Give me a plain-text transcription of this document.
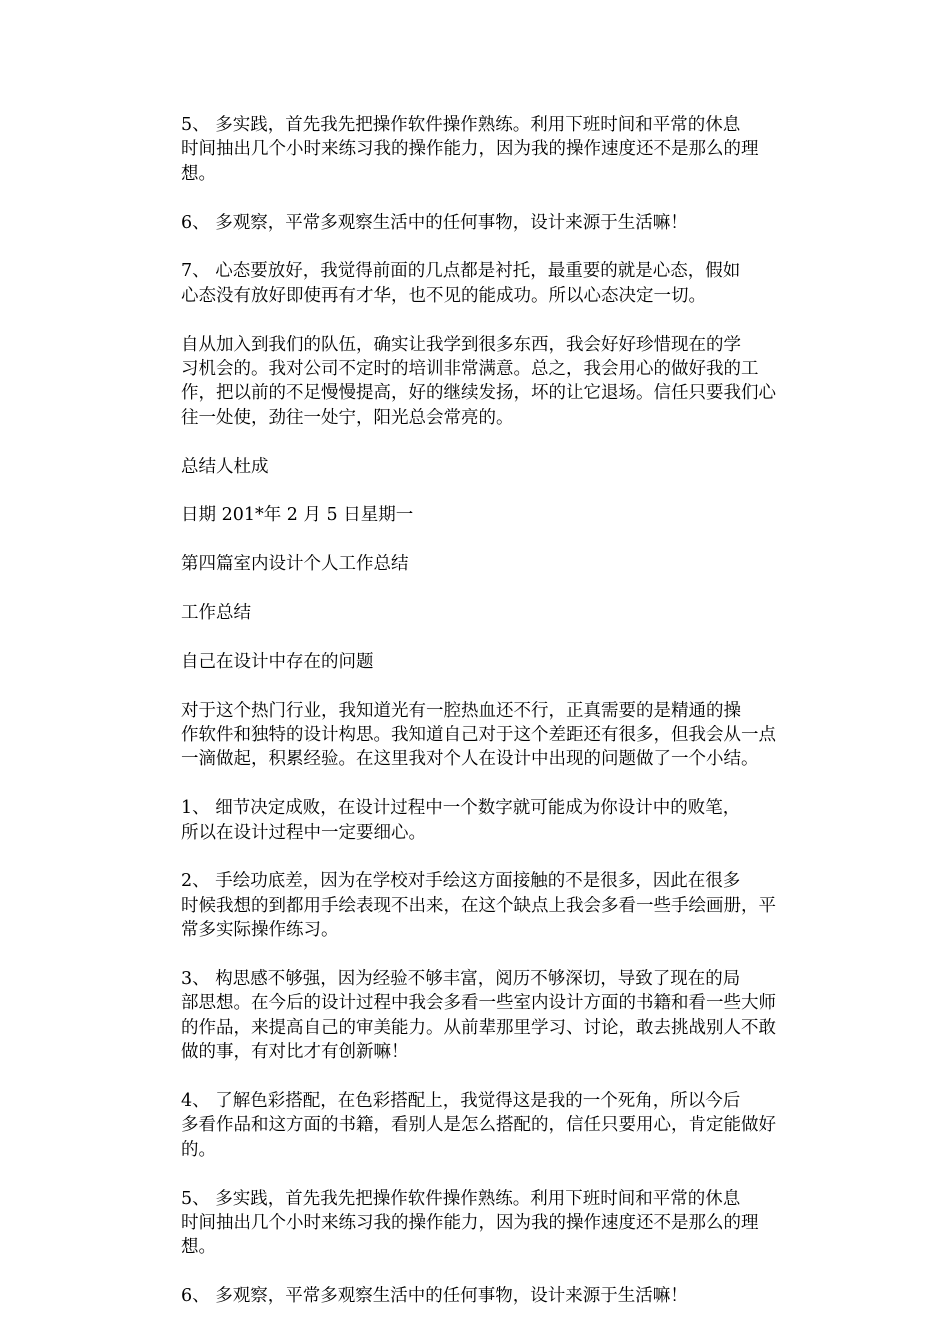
5、 多实践，首先我先把操作软件操作熟练。利用下班时间和平常的休息
时间抽出几个小时来练习我的操作能力，因为我的操作速度还不是那么的理
想。

6、 多观察，平常多观察生活中的任何事物，设计来源于生活嘛！

7、 心态要放好，我觉得前面的几点都是衬托，最重要的就是心态，假如
心态没有放好即使再有才华，也不见的能成功。所以心态决定一切。

自从加入到我们的队伍，确实让我学到很多东西，我会好好珍惜现在的学
习机会的。我对公司不定时的培训非常满意。总之，我会用心的做好我的工
作，把以前的不足慢慢提高，好的继续发扬，坏的让它退场。信任只要我们心
往一处使，劲往一处宁，阳光总会常亮的。

总结人杜成

日期 201*年 2 月 5 日星期一

第四篇室内设计个人工作总结

工作总结

自己在设计中存在的问题

对于这个热门行业，我知道光有一腔热血还不行，正真需要的是精通的操
作软件和独特的设计构思。我知道自己对于这个差距还有很多，但我会从一点
一滴做起，积累经验。在这里我对个人在设计中出现的问题做了一个小结。

1、 细节决定成败，在设计过程中一个数字就可能成为你设计中的败笔，
所以在设计过程中一定要细心。

2、 手绘功底差，因为在学校对手绘这方面接触的不是很多，因此在很多
时候我想的到都用手绘表现不出来，在这个缺点上我会多看一些手绘画册，平
常多实际操作练习。

3、 构思感不够强，因为经验不够丰富，阅历不够深切，导致了现在的局
部思想。在今后的设计过程中我会多看一些室内设计方面的书籍和看一些大师
的作品，来提高自己的审美能力。从前辈那里学习、讨论，敢去挑战别人不敢
做的事，有对比才有创新嘛！

4、 了解色彩搭配，在色彩搭配上，我觉得这是我的一个死角，所以今后
多看作品和这方面的书籍，看别人是怎么搭配的，信任只要用心，肯定能做好
的。

5、 多实践，首先我先把操作软件操作熟练。利用下班时间和平常的休息
时间抽出几个小时来练习我的操作能力，因为我的操作速度还不是那么的理
想。

6、 多观察，平常多观察生活中的任何事物，设计来源于生活嘛！
